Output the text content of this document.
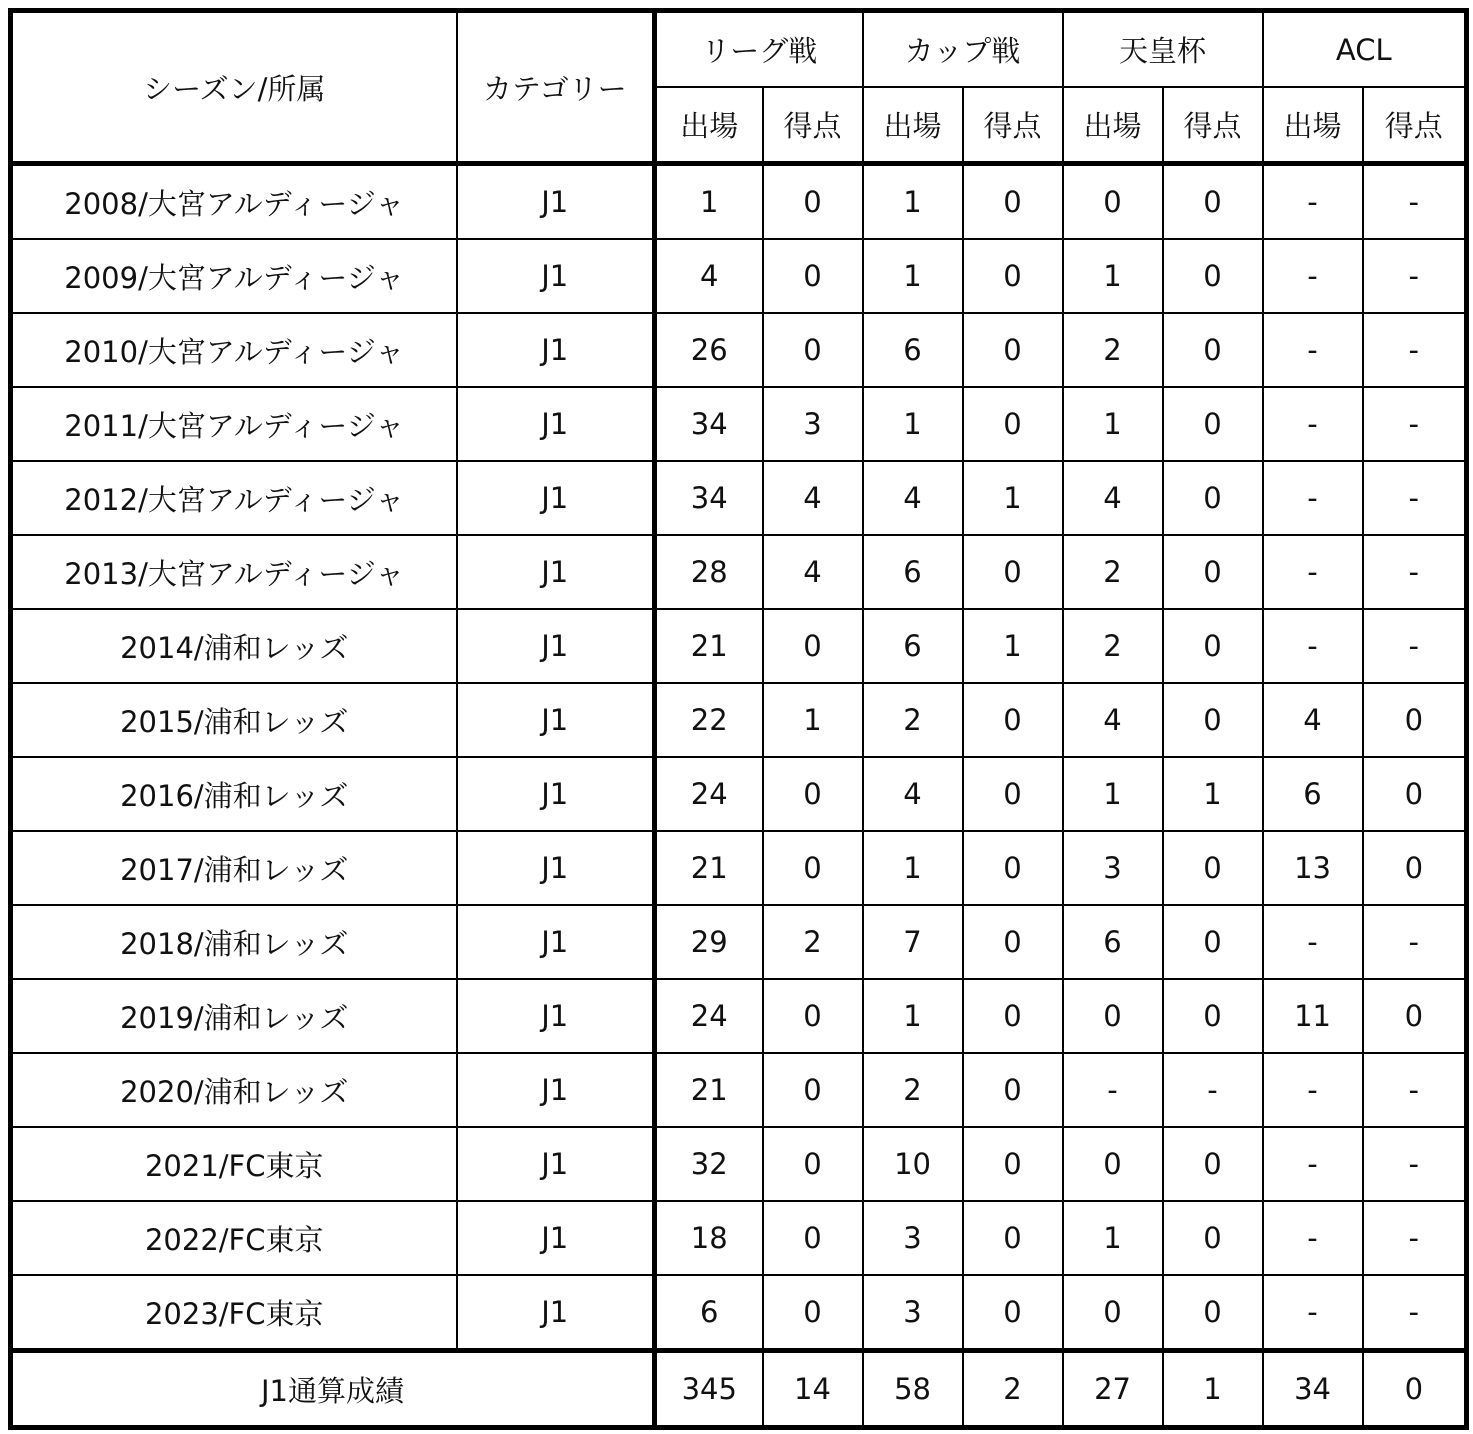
シーズン/所属	カテゴリー	リーグ戦		カップ戦		天皇杯		ACL	
		出場	得点	出場	得点	出場	得点	出場	得点
2008/大宮アルディージャ	J1	1	0	1	0	0	0	-	-
2009/大宮アルディージャ	J1	4	0	1	0	1	0	-	-
2010/大宮アルディージャ	J1	26	0	6	0	2	0	-	-
2011/大宮アルディージャ	J1	34	3	1	0	1	0	-	-
2012/大宮アルディージャ	J1	34	4	4	1	4	0	-	-
2013/大宮アルディージャ	J1	28	4	6	0	2	0	-	-
2014/浦和レッズ	J1	21	0	6	1	2	0	-	-
2015/浦和レッズ	J1	22	1	2	0	4	0	4	0
2016/浦和レッズ	J1	24	0	4	0	1	1	6	0
2017/浦和レッズ	J1	21	0	1	0	3	0	13	0
2018/浦和レッズ	J1	29	2	7	0	6	0	-	-
2019/浦和レッズ	J1	24	0	1	0	0	0	11	0
2020/浦和レッズ	J1	21	0	2	0	-	-	-	-
2021/FC東京	J1	32	0	10	0	0	0	-	-
2022/FC東京	J1	18	0	3	0	1	0	-	-
2023/FC東京	J1	6	0	3	0	0	0	-	-
J1通算成績		345	14	58	2	27	1	34	0
